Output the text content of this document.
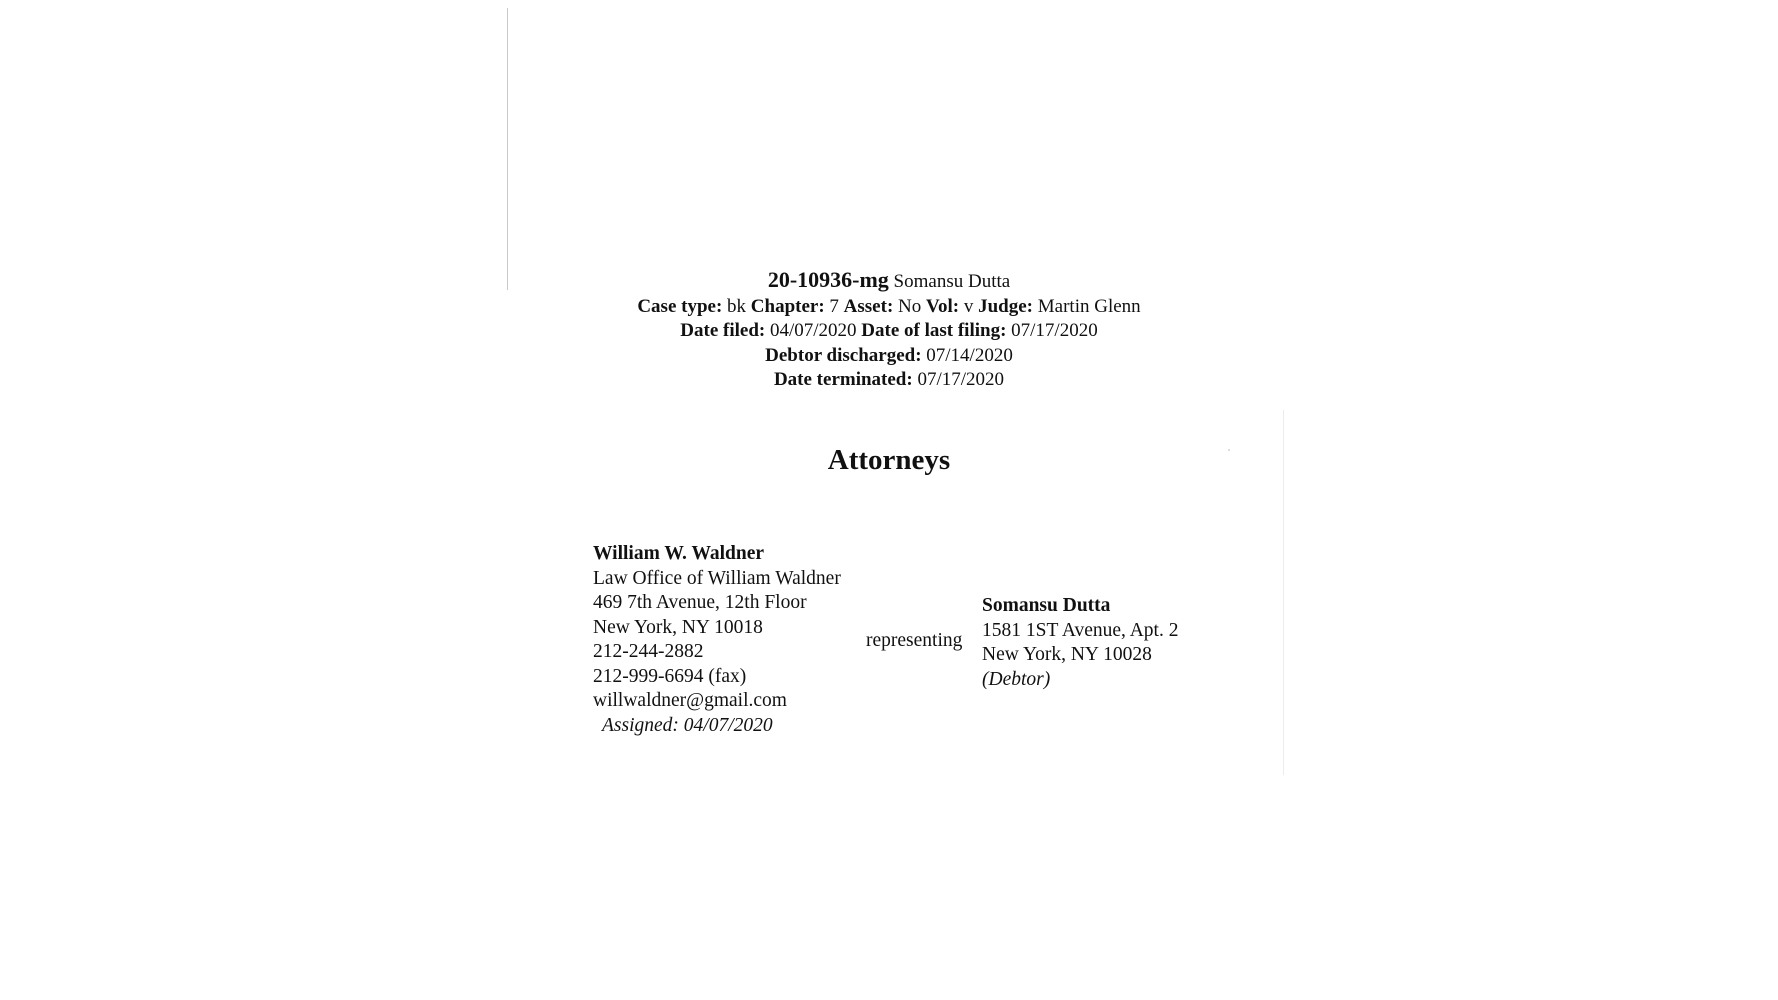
20-10936-mg Somansu Dutta
Case type: bk Chapter: 7 Asset: No Vol: v Judge: Martin Glenn
Date filed: 04/07/2020 Date of last filing: 07/17/2020
Debtor discharged: 07/14/2020
Date terminated: 07/17/2020
Attorneys
William W. Waldner
Law Office of William Waldner
469 7th Avenue, 12th Floor
New York, NY 10018
212-244-2882
212-999-6694 (fax)
willwaldner@gmail.com
Assigned: 04/07/2020
representing
Somansu Dutta
1581 1ST Avenue, Apt. 2
New York, NY 10028
(Debtor)
